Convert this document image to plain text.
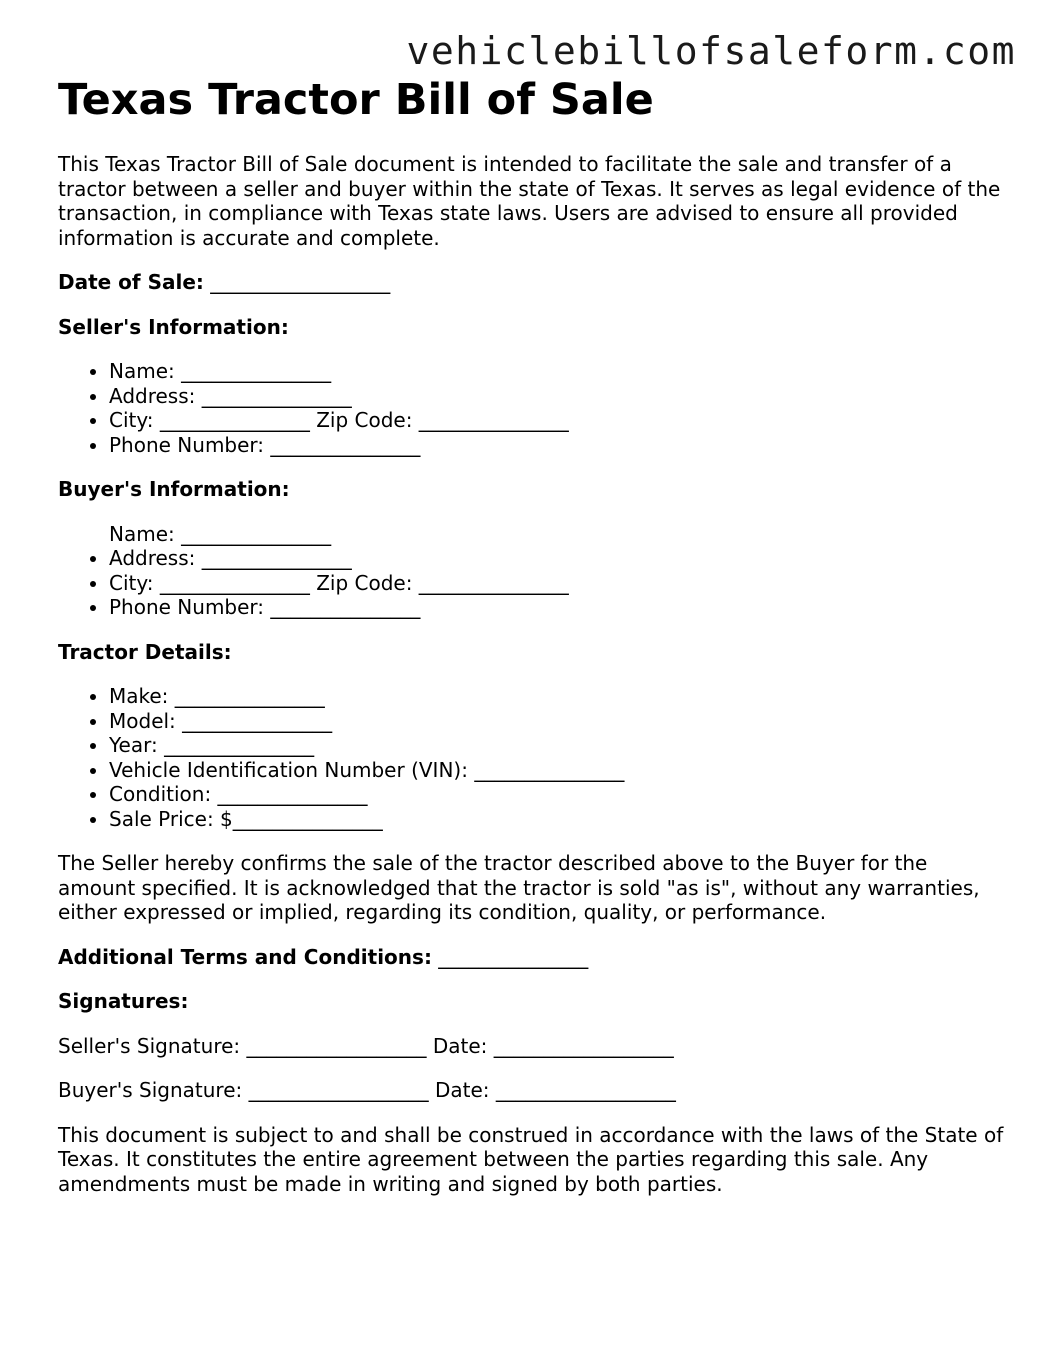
vehiclebillofsaleform.com
Texas Tractor Bill of Sale

This Texas Tractor Bill of Sale document is intended to facilitate the sale and transfer of a tractor between a seller and buyer within the state of Texas. It serves as legal evidence of the transaction, in compliance with Texas state laws. Users are advised to ensure all provided information is accurate and complete.

Date of Sale: __________________

Seller's Information:

• Name: _______________
• Address: _______________
• City: _______________ Zip Code: _______________
• Phone Number: _______________

Buyer's Information:

Name: _______________
• Address: _______________
• City: _______________ Zip Code: _______________
• Phone Number: _______________

Tractor Details:

• Make: _______________
• Model: _______________
• Year: _______________
• Vehicle Identification Number (VIN): _______________
• Condition: _______________
• Sale Price: $_______________

The Seller hereby confirms the sale of the tractor described above to the Buyer for the amount specified. It is acknowledged that the tractor is sold "as is", without any warranties, either expressed or implied, regarding its condition, quality, or performance.

Additional Terms and Conditions: _______________

Signatures:

Seller's Signature: __________________ Date: __________________

Buyer's Signature: __________________ Date: __________________

This document is subject to and shall be construed in accordance with the laws of the State of Texas. It constitutes the entire agreement between the parties regarding this sale. Any amendments must be made in writing and signed by both parties.
